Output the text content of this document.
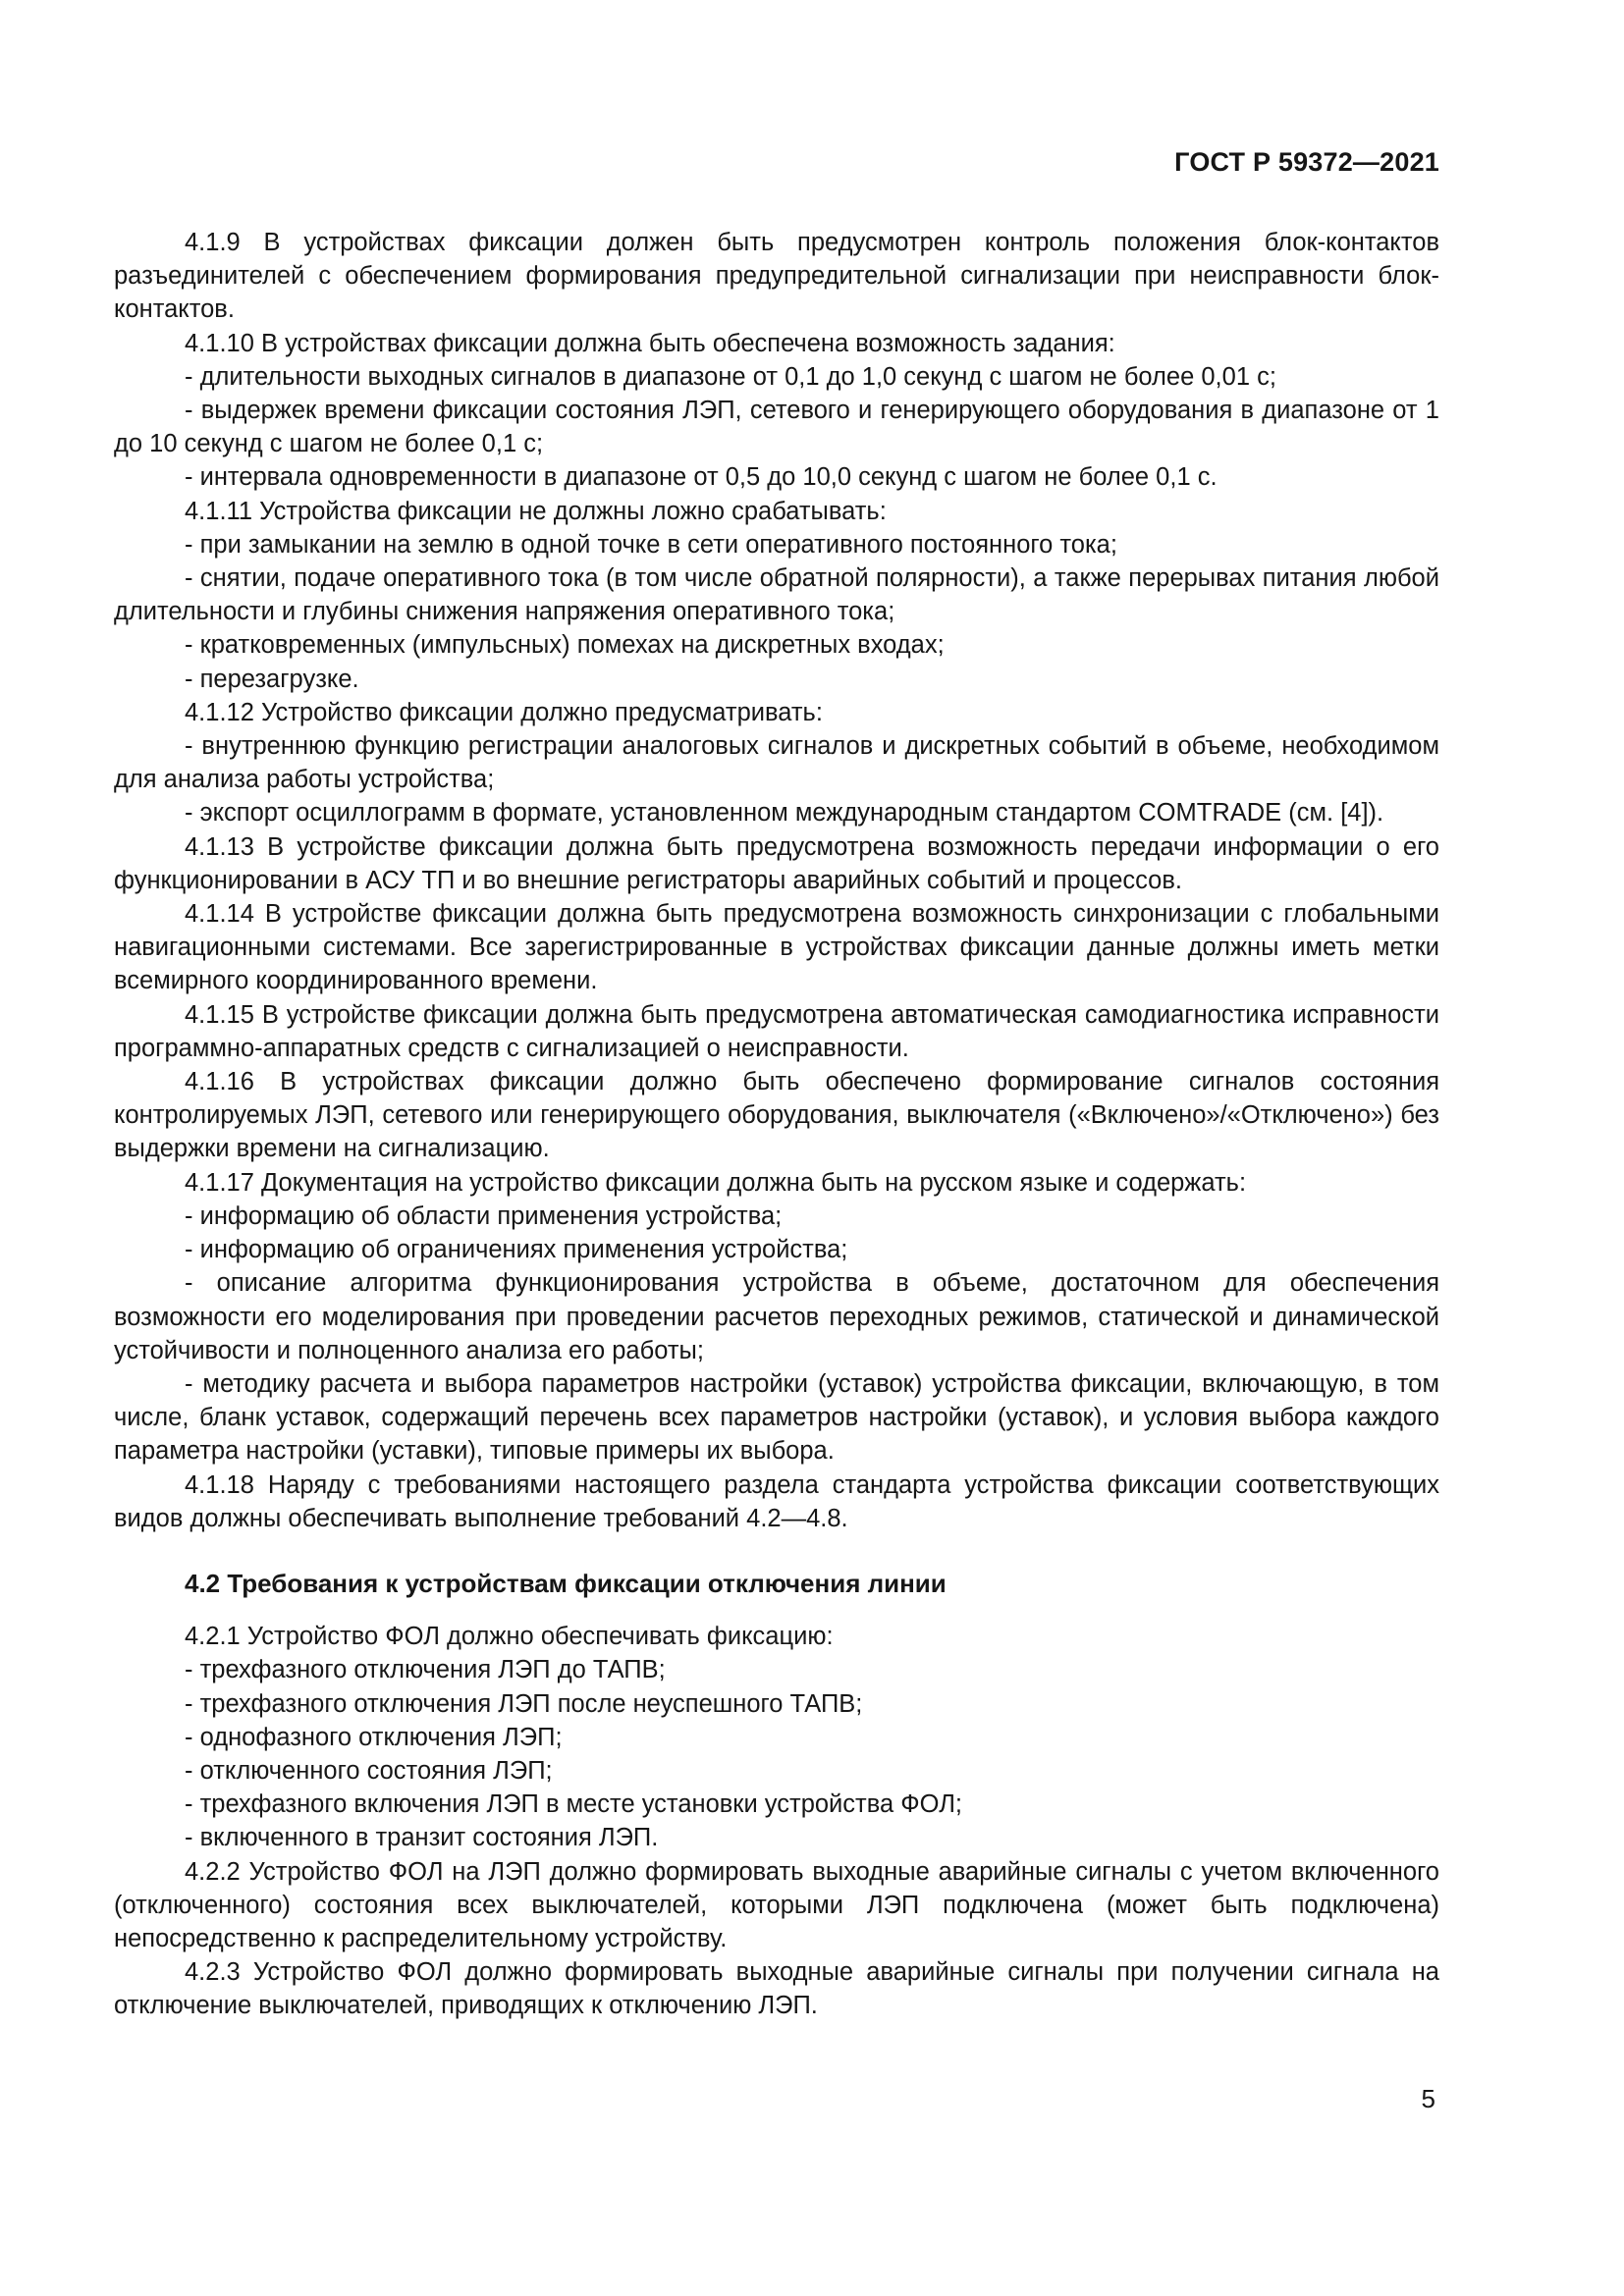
ГОСТ Р 59372—2021

4.1.9 В устройствах фиксации должен быть предусмотрен контроль положения блок-контактов разъединителей с обеспечением формирования предупредительной сигнализации при неисправности блок-контактов.

4.1.10 В устройствах фиксации должна быть обеспечена возможность задания:

- длительности выходных сигналов в диапазоне от 0,1 до 1,0 секунд с шагом не более 0,01 с;

- выдержек времени фиксации состояния ЛЭП, сетевого и генерирующего оборудования в диапазоне от 1 до 10 секунд с шагом не более 0,1 с;

- интервала одновременности в диапазоне от 0,5 до 10,0 секунд с шагом не более 0,1 с.

4.1.11 Устройства фиксации не должны ложно срабатывать:

- при замыкании на землю в одной точке в сети оперативного постоянного тока;

- снятии, подаче оперативного тока (в том числе обратной полярности), а также перерывах питания любой длительности и глубины снижения напряжения оперативного тока;

- кратковременных (импульсных) помехах на дискретных входах;

- перезагрузке.

4.1.12 Устройство фиксации должно предусматривать:

- внутреннюю функцию регистрации аналоговых сигналов и дискретных событий в объеме, необходимом для анализа работы устройства;

- экспорт осциллограмм в формате, установленном международным стандартом COMTRADE (см. [4]).

4.1.13 В устройстве фиксации должна быть предусмотрена возможность передачи информации о его функционировании в АСУ ТП и во внешние регистраторы аварийных событий и процессов.

4.1.14 В устройстве фиксации должна быть предусмотрена возможность синхронизации с глобальными навигационными системами. Все зарегистрированные в устройствах фиксации данные должны иметь метки всемирного координированного времени.

4.1.15 В устройстве фиксации должна быть предусмотрена автоматическая самодиагностика исправности программно-аппаратных средств с сигнализацией о неисправности.

4.1.16 В устройствах фиксации должно быть обеспечено формирование сигналов состояния контролируемых ЛЭП, сетевого или генерирующего оборудования, выключателя («Включено»/«Отключено») без выдержки времени на сигнализацию.

4.1.17 Документация на устройство фиксации должна быть на русском языке и содержать:

- информацию об области применения устройства;

- информацию об ограничениях применения устройства;

- описание алгоритма функционирования устройства в объеме, достаточном для обеспечения возможности его моделирования при проведении расчетов переходных режимов, статической и динамической устойчивости и полноценного анализа его работы;

- методику расчета и выбора параметров настройки (уставок) устройства фиксации, включающую, в том числе, бланк уставок, содержащий перечень всех параметров настройки (уставок), и условия выбора каждого параметра настройки (уставки), типовые примеры их выбора.

4.1.18 Наряду с требованиями настоящего раздела стандарта устройства фиксации соответствующих видов должны обеспечивать выполнение требований 4.2—4.8.

4.2 Требования к устройствам фиксации отключения линии

4.2.1 Устройство ФОЛ должно обеспечивать фиксацию:

- трехфазного отключения ЛЭП до ТАПВ;

- трехфазного отключения ЛЭП после неуспешного ТАПВ;

- однофазного отключения ЛЭП;

- отключенного состояния ЛЭП;

- трехфазного включения ЛЭП в месте установки устройства ФОЛ;

- включенного в транзит состояния ЛЭП.

4.2.2 Устройство ФОЛ на ЛЭП должно формировать выходные аварийные сигналы с учетом включенного (отключенного) состояния всех выключателей, которыми ЛЭП подключена (может быть подключена) непосредственно к распределительному устройству.

4.2.3 Устройство ФОЛ должно формировать выходные аварийные сигналы при получении сигнала на отключение выключателей, приводящих к отключению ЛЭП.

5
